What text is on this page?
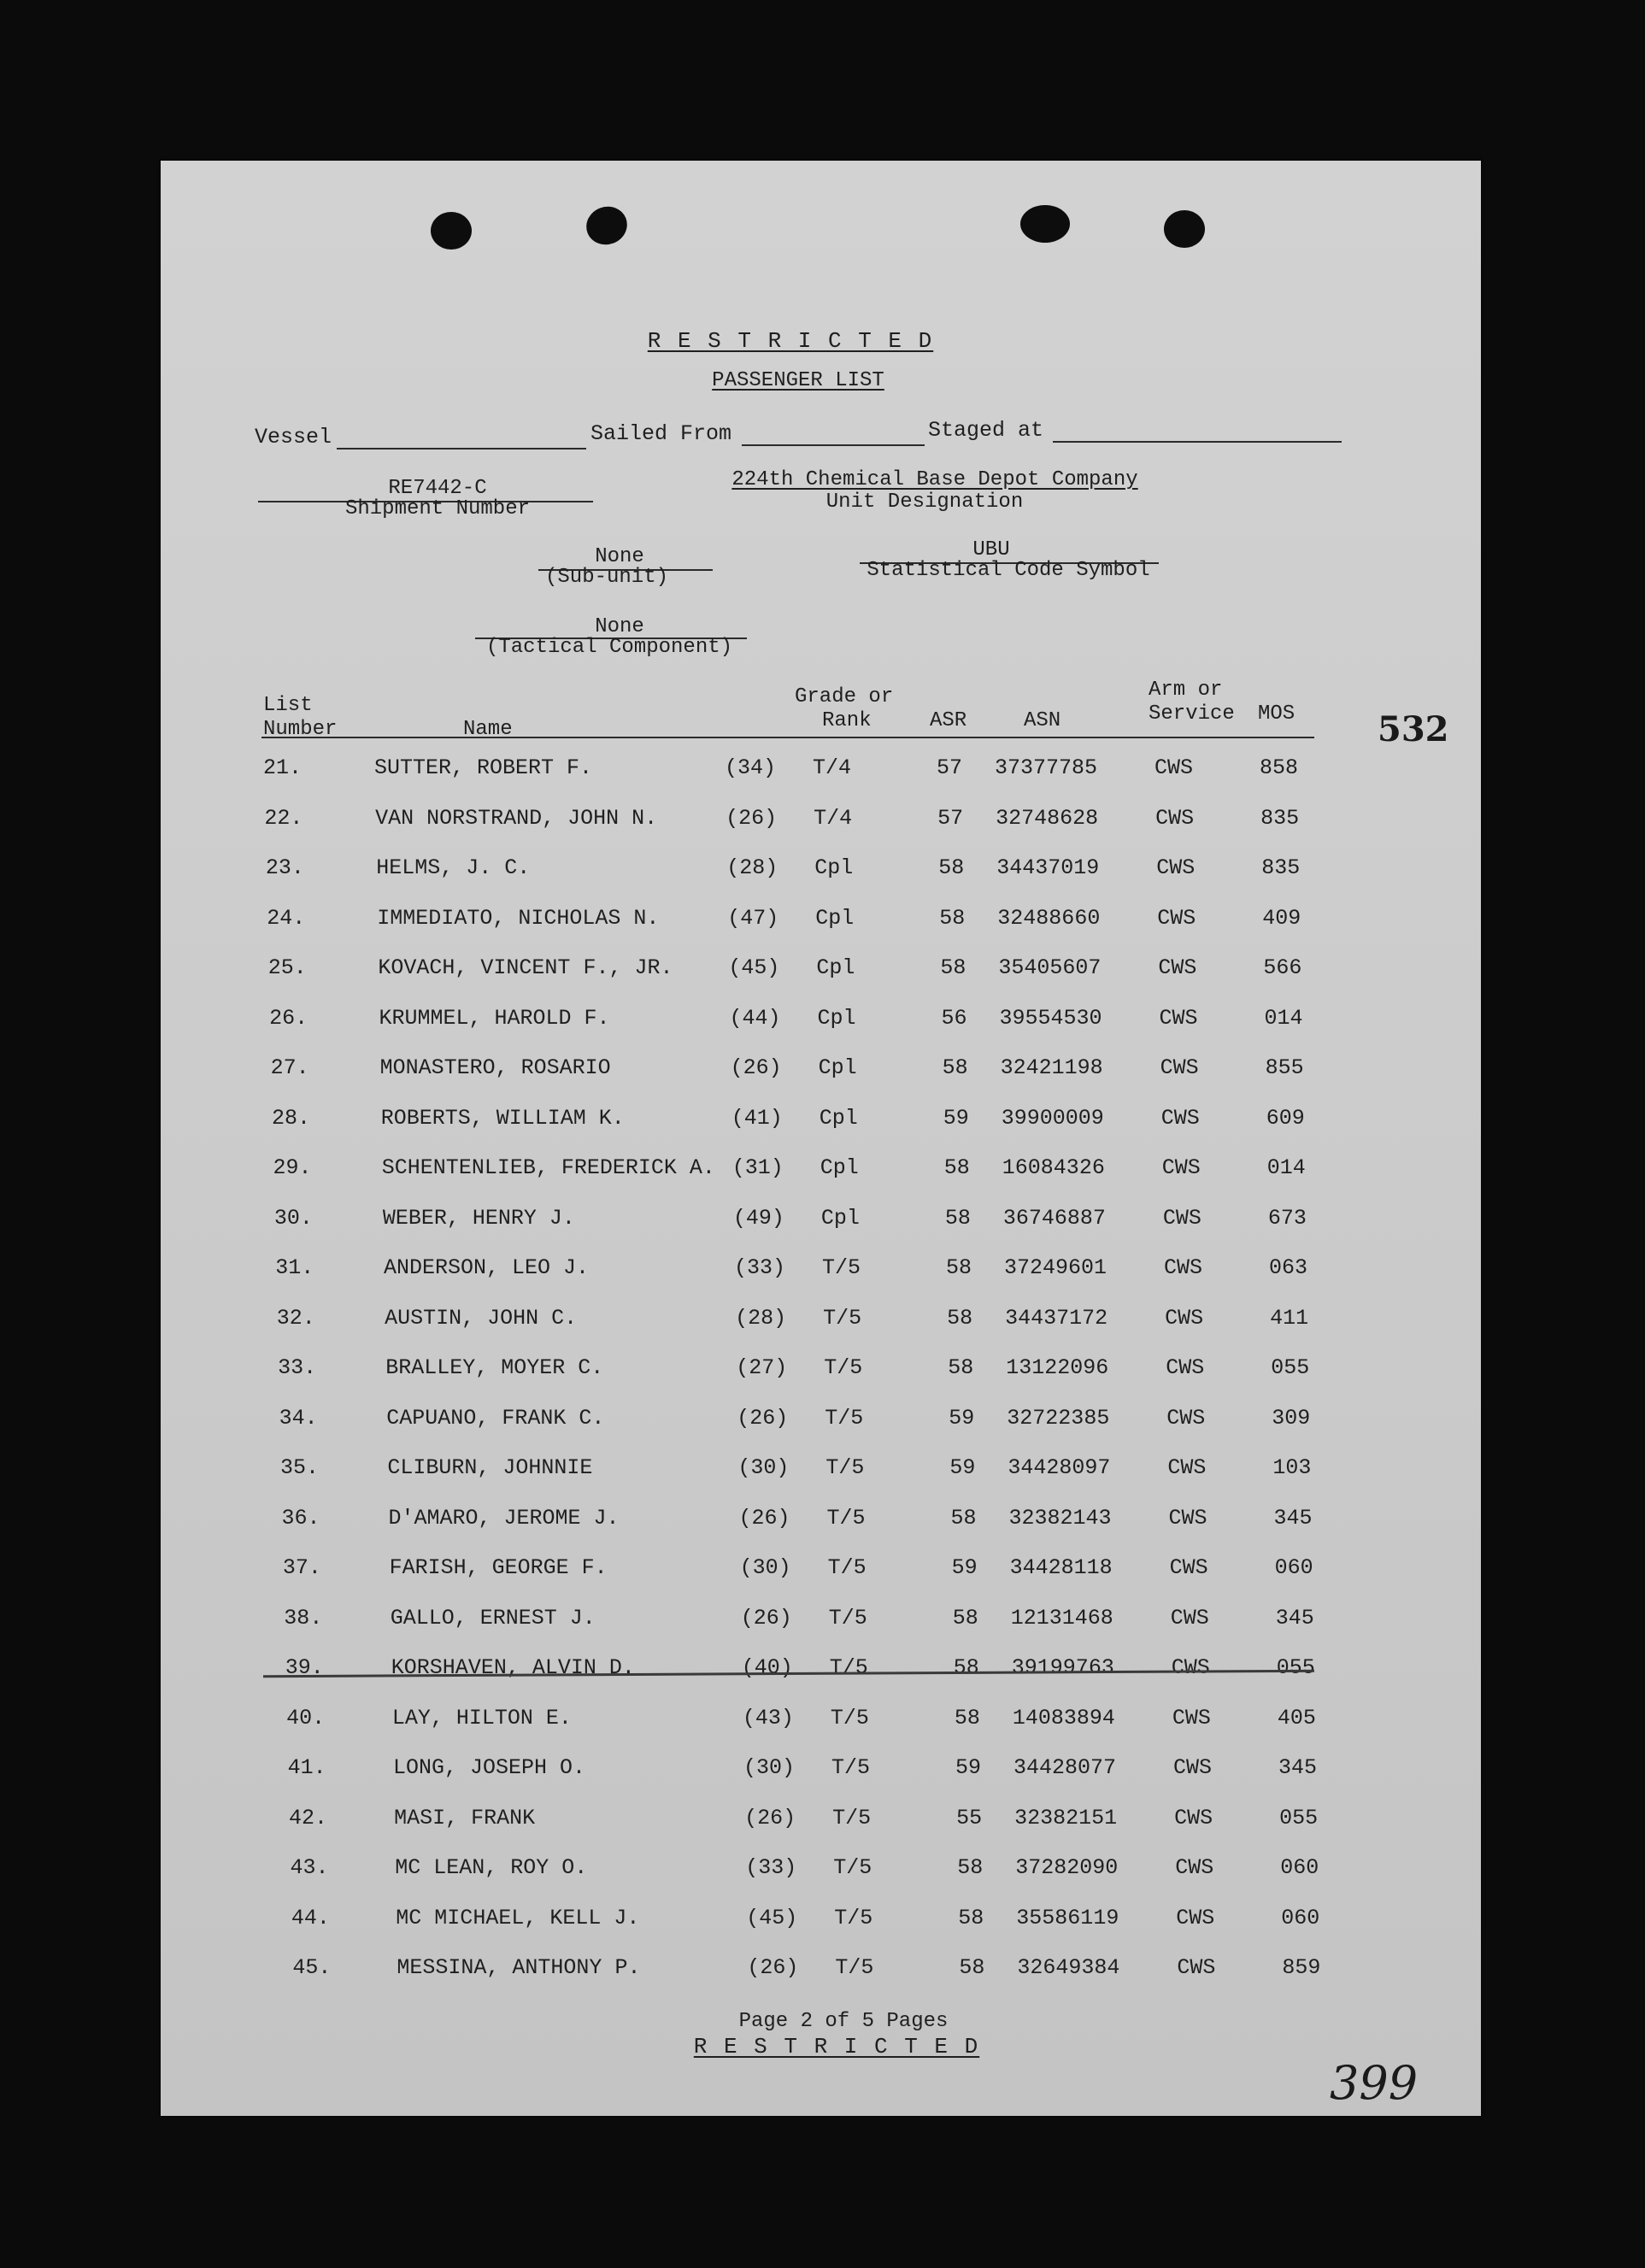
R E S T R I C T E D
PASSENGER LIST
Vessel	Sailed From	Staged at
RE7442-C
Shipment Number
224th Chemical Base Depot Company
Unit Designation
None
(Sub-unit)
UBU
Statistical Code Symbol
None
(Tactical Component)
List
Number	Name
Grade or
Rank	ASR	ASN
Arm or
Service MOS
21.	SUTTER, ROBERT F.	(34) T/4	57 37377785	CWS	858
22.	VAN NORSTRAND, JOHN N.	(26) T/4	57 32748628	CWS	835
23.	HELMS, J. C.	(28) Cpl	58 34437019	CWS	835
24.	IMMEDIATO, NICHOLAS N.	(47) Cpl	58 32488660	CWS	409
25.	KOVACH, VINCENT F., JR.	(45) Cpl	58 35405607	CWS	566
26.	KRUMMEL, HAROLD F.	(44) Cpl	56 39554530	CWS	014
27.	MONASTERO, ROSARIO	(26) Cpl	58 32421198	CWS	855
28.	ROBERTS, WILLIAM K.	(41) Cpl	59 39900009	CWS	609
29.	SCHENTENLIEB, FREDERICK A. (31) Cpl	58 16084326	CWS	014
30.	WEBER, HENRY J.	(49) Cpl	58 36746887	CWS	673
31.	ANDERSON, LEO J.	(33) T/5	58 37249601	CWS	063
32.	AUSTIN, JOHN C.	(28) T/5	58 34437172	CWS	411
33.	BRALLEY, MOYER C.	(27) T/5	58 13122096	CWS	055
34.	CAPUANO, FRANK C.	(26) T/5	59 32722385	CWS	309
35.	CLIBURN, JOHNNIE	(30) T/5	59 34428097	CWS	103
36.	D'AMARO, JEROME J.	(26) T/5	58 32382143	CWS	345
37.	FARISH, GEORGE F.	(30) T/5	59 34428118	CWS	060
38.	GALLO, ERNEST J.	(26) T/5	58 12131468	CWS	345
39.	KORSHAVEN, ALVIN D.	(40) T/5	58 39199763	CWS	055
40.	LAY, HILTON E.	(43) T/5	58 14083894	CWS	405
41.	LONG, JOSEPH O.	(30) T/5	59 34428077	CWS	345
42.	MASI, FRANK	(26) T/5	55 32382151	CWS	055
43.	MC LEAN, ROY O.	(33) T/5	58 37282090	CWS	060
44.	MC MICHAEL, KELL J.	(45) T/5	58 35586119	CWS	060
45.	MESSINA, ANTHONY P.	(26) T/5	58 32649384	CWS	859
Page 2 of 5 Pages
R E S T R I C T E D
399
532
